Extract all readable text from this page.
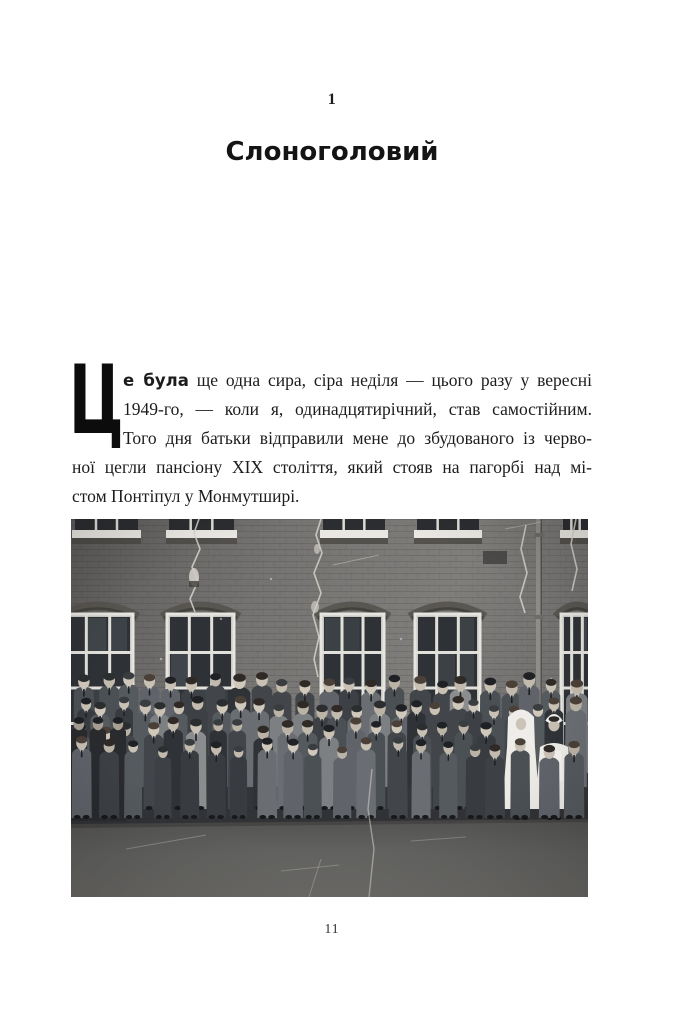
1
Слоноголовий
Ц е була ще одна сира, сіра неділя — цього разу у вересні
1949-го, — коли я, одинадцятирічний, став самостійним.
Того дня батьки відправили мене до збудованого із черво-
ної цегли пансіону XIX століття, який стояв на пагорбі над мі-
стом Понтіпул у Монмутширі.
11
